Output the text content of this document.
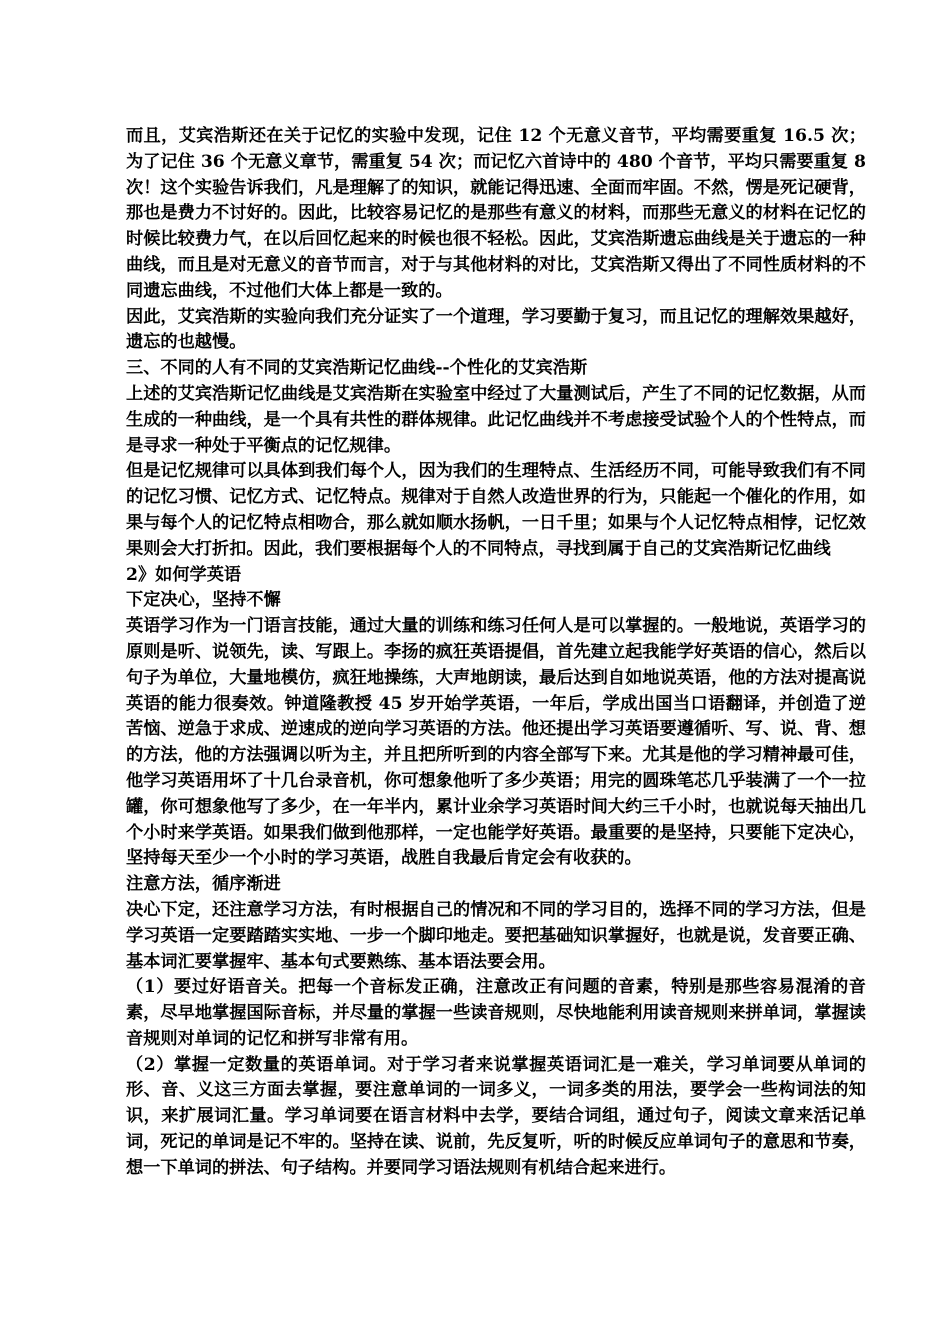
而且，艾宾浩斯还在关于记忆的实验中发现，记住 12 个无意义音节，平均需要重复 16.5 次；为了记住 36 个无意义章节，需重复 54 次；而记忆六首诗中的 480 个音节，平均只需要重复 8 次！这个实验告诉我们，凡是理解了的知识，就能记得迅速、全面而牢固。不然，愣是死记硬背，那也是费力不讨好的。因此，比较容易记忆的是那些有意义的材料，而那些无意义的材料在记忆的时候比较费力气，在以后回忆起来的时候也很不轻松。因此，艾宾浩斯遗忘曲线是关于遗忘的一种曲线，而且是对无意义的音节而言，对于与其他材料的对比，艾宾浩斯又得出了不同性质材料的不同遗忘曲线，不过他们大体上都是一致的。

因此，艾宾浩斯的实验向我们充分证实了一个道理，学习要勤于复习，而且记忆的理解效果越好，遗忘的也越慢。

三、不同的人有不同的艾宾浩斯记忆曲线--个性化的艾宾浩斯

上述的艾宾浩斯记忆曲线是艾宾浩斯在实验室中经过了大量测试后，产生了不同的记忆数据，从而生成的一种曲线，是一个具有共性的群体规律。此记忆曲线并不考虑接受试验个人的个性特点，而是寻求一种处于平衡点的记忆规律。

但是记忆规律可以具体到我们每个人，因为我们的生理特点、生活经历不同，可能导致我们有不同的记忆习惯、记忆方式、记忆特点。规律对于自然人改造世界的行为，只能起一个催化的作用，如果与每个人的记忆特点相吻合，那么就如顺水扬帆，一日千里；如果与个人记忆特点相悖，记忆效果则会大打折扣。因此，我们要根据每个人的不同特点，寻找到属于自己的艾宾浩斯记忆曲线

2》如何学英语

下定决心，坚持不懈

英语学习作为一门语言技能，通过大量的训练和练习任何人是可以掌握的。一般地说，英语学习的原则是听、说领先，读、写跟上。李扬的疯狂英语提倡，首先建立起我能学好英语的信心，然后以句子为单位，大量地模仿，疯狂地操练，大声地朗读，最后达到自如地说英语，他的方法对提高说英语的能力很奏效。钟道隆教授 45 岁开始学英语，一年后，学成出国当口语翻译，并创造了逆苦恼、逆急于求成、逆速成的逆向学习英语的方法。他还提出学习英语要遵循听、写、说、背、想的方法，他的方法强调以听为主，并且把所听到的内容全部写下来。尤其是他的学习精神最可佳，他学习英语用坏了十几台录音机，你可想象他听了多少英语；用完的圆珠笔芯几乎装满了一个一拉罐，你可想象他写了多少，在一年半内，累计业余学习英语时间大约三千小时，也就说每天抽出几个小时来学英语。如果我们做到他那样，一定也能学好英语。最重要的是坚持，只要能下定决心，坚持每天至少一个小时的学习英语，战胜自我最后肯定会有收获的。

注意方法，循序渐进

决心下定，还注意学习方法，有时根据自己的情况和不同的学习目的，选择不同的学习方法，但是学习英语一定要踏踏实实地、一步一个脚印地走。要把基础知识掌握好，也就是说，发音要正确、基本词汇要掌握牢、基本句式要熟练、基本语法要会用。

（1）要过好语音关。把每一个音标发正确，注意改正有问题的音素，特别是那些容易混淆的音素，尽早地掌握国际音标，并尽量的掌握一些读音规则，尽快地能利用读音规则来拼单词，掌握读音规则对单词的记忆和拼写非常有用。

（2）掌握一定数量的英语单词。对于学习者来说掌握英语词汇是一难关，学习单词要从单词的形、音、义这三方面去掌握，要注意单词的一词多义，一词多类的用法，要学会一些构词法的知识，来扩展词汇量。学习单词要在语言材料中去学，要结合词组，通过句子，阅读文章来活记单词，死记的单词是记不牢的。坚持在读、说前，先反复听，听的时候反应单词句子的意思和节奏，想一下单词的拼法、句子结构。并要同学习语法规则有机结合起来进行。
